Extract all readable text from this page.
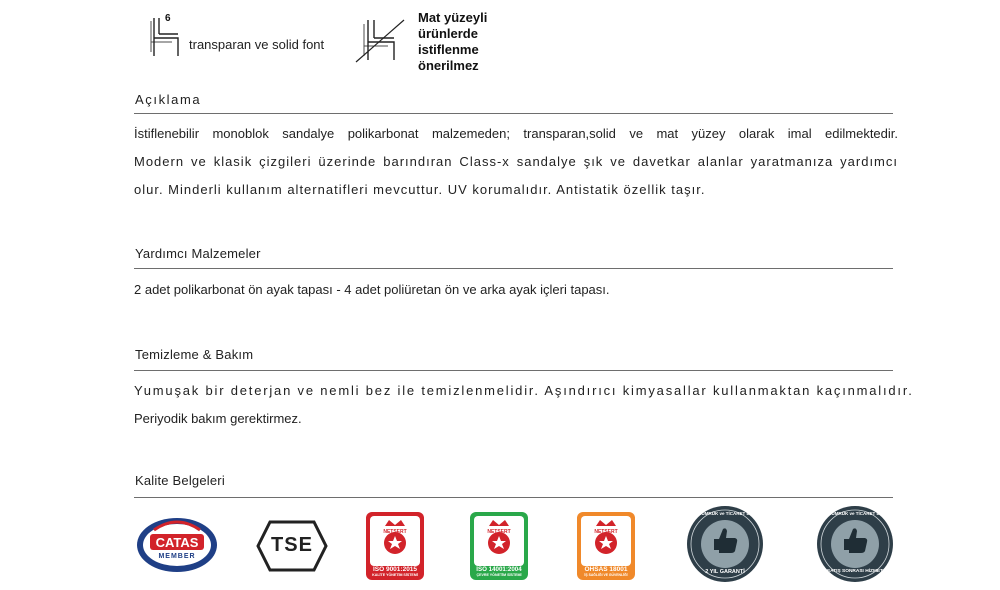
6
transparan ve solid font
Mat yüzeyli
ürünlerde
istiflenme
önerilmez
Açıklama
İstiflenebilir monoblok sandalye polikarbonat malzemeden; transparan,solid ve mat yüzey olarak imal edilmektedir.
Modern ve klasik çizgileri üzerinde barındıran Class-x sandalye şık ve davetkar alanlar yaratmanıza yardımcı
olur. Minderli kullanım alternatifleri mevcuttur. UV korumalıdır. Antistatik özellik taşır.
Yardımcı Malzemeler
2 adet polikarbonat ön ayak tapası - 4 adet poliüretan ön ve arka ayak içleri tapası.
Temizleme & Bakım
Yumuşak bir deterjan ve nemli bez ile temizlenmelidir. Aşındırıcı kimyasallar kullanmaktan kaçınmalıdır.
Periyodik bakım gerektirmez.
Kalite Belgeleri
CATAS
MEMBER
TSE
NETSERT
ISO 9001:2015
KALİTE YÖNETİM SİSTEMİ
NETSERT
ISO 14001:2004
ÇEVRE YÖNETİM SİSTEMİ
NETSERT
OHSAS 18001
İŞ SAĞLIĞI VE GÜVENLİĞİ
GÜMRÜK ve TİCARET BAKANLIĞI
2 YIL GARANTİ
GÜMRÜK ve TİCARET BAKANLIĞI
SATIŞ SONRASI HİZMET
